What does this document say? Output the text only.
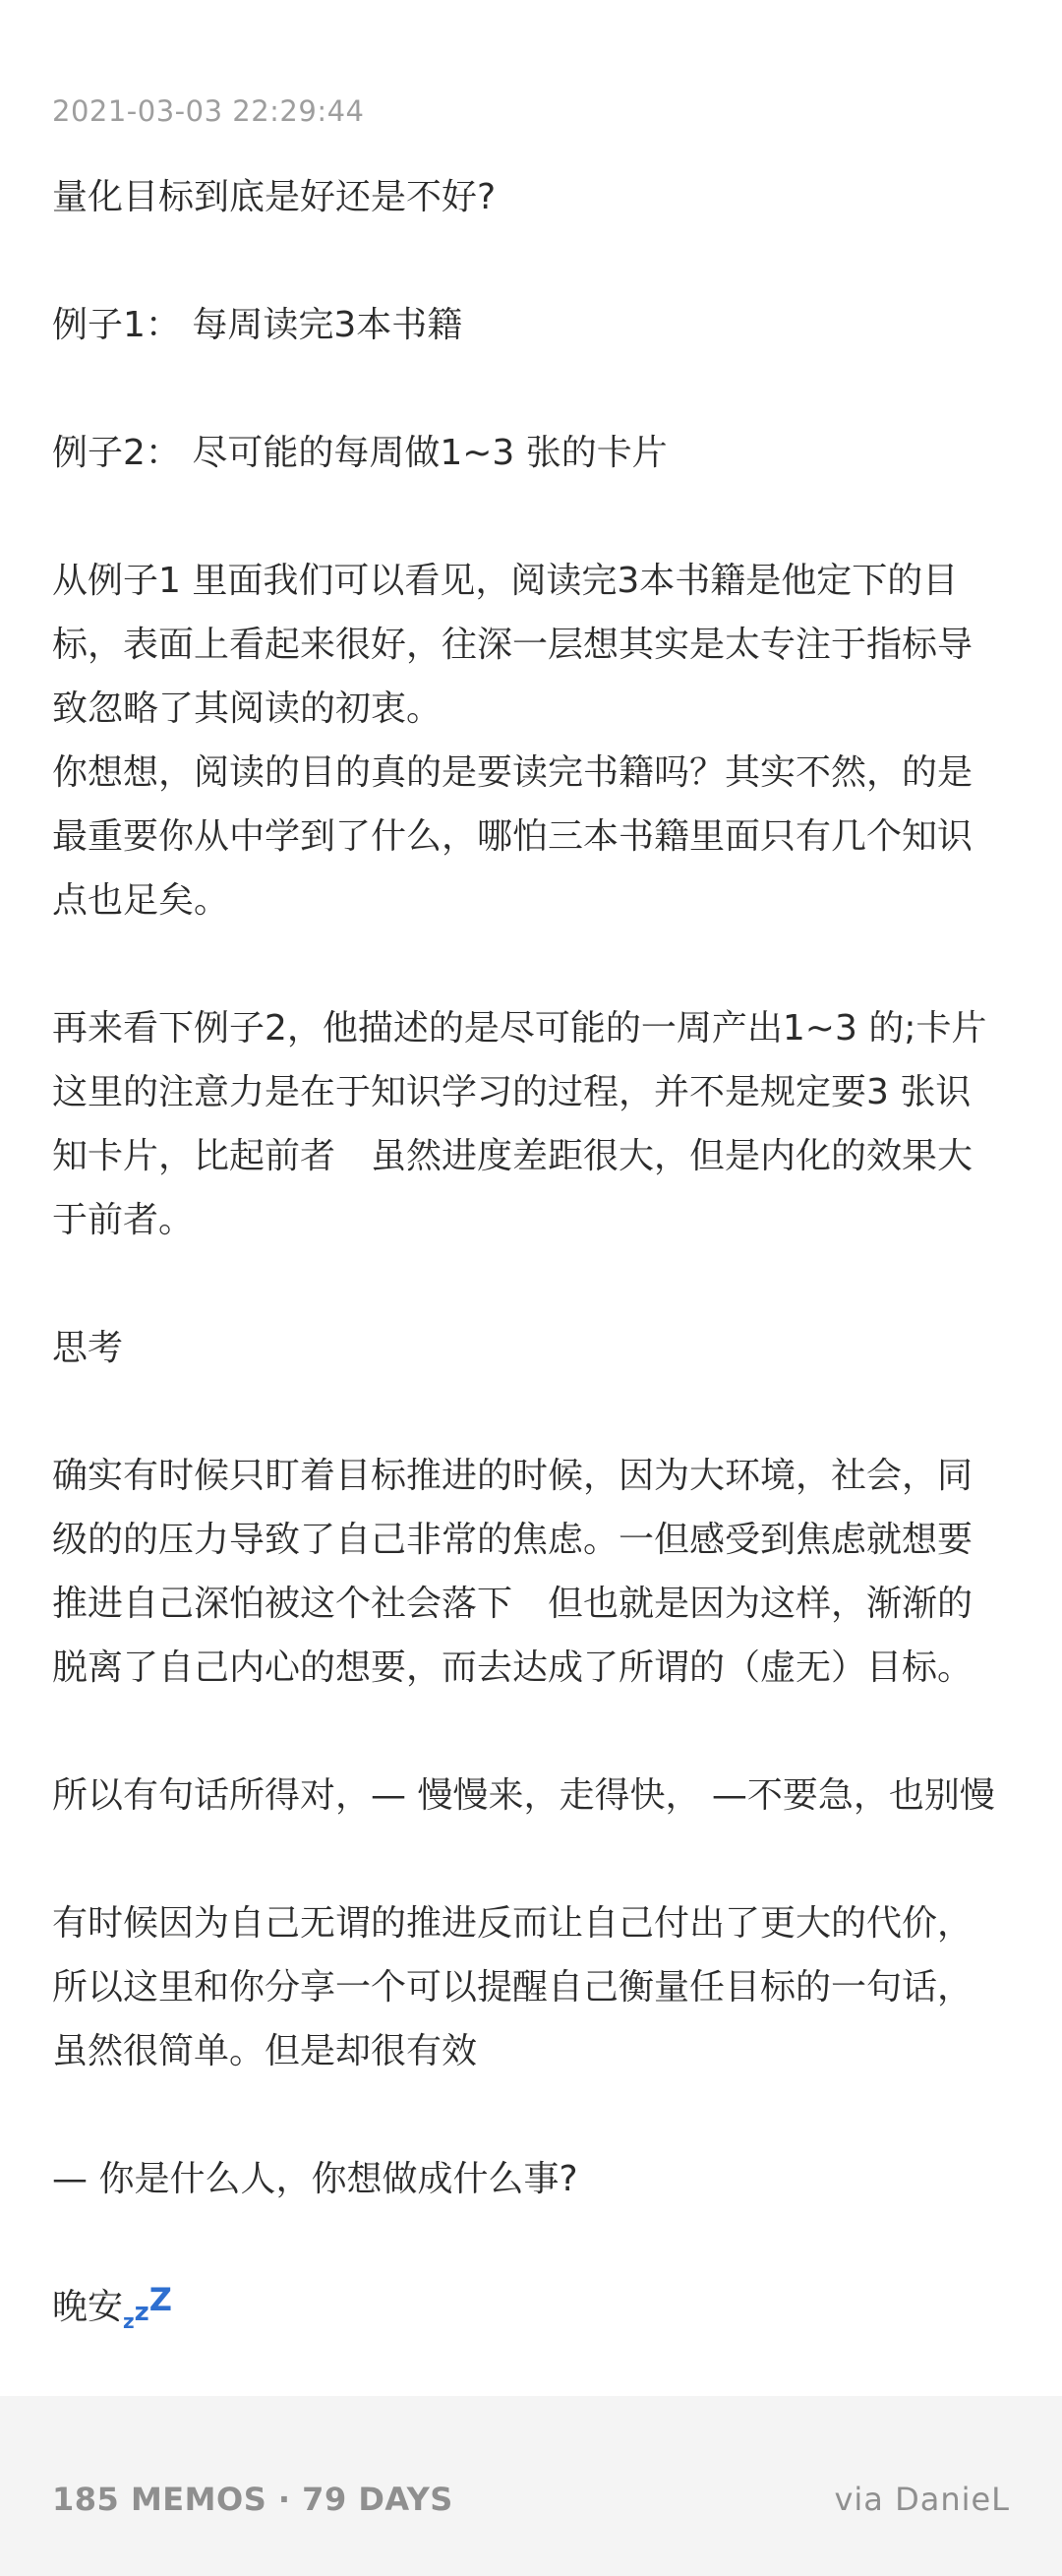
2021-03-03 22:29:44
量化目标到底是好还是不好?
例子1： 每周读完3本书籍
例子2： 尽可能的每周做1~3 张的卡片
从例子1 里面我们可以看见，阅读完3本书籍是他定下的目
标，表面上看起来很好，往深一层想其实是太专注于指标导
致忽略了其阅读的初衷。
你想想，阅读的目的真的是要读完书籍吗？其实不然，的是
最重要你从中学到了什么，哪怕三本书籍里面只有几个知识
点也足矣。
再来看下例子2，他描述的是尽可能的一周产出1~3 的;卡片
这里的注意力是在于知识学习的过程，并不是规定要3 张识
知卡片，比起前者　虽然进度差距很大，但是内化的效果大
于前者。
思考
确实有时候只盯着目标推进的时候，因为大环境，社会，同
级的的压力导致了自己非常的焦虑。一但感受到焦虑就想要
推进自己深怕被这个社会落下　但也就是因为这样，渐渐的
脱离了自己内心的想要，而去达成了所谓的（虚无）目标。
所以有句话所得对，— 慢慢来，走得快， —不要急，也别慢
有时候因为自己无谓的推进反而让自己付出了更大的代价，
所以这里和你分享一个可以提醒自己衡量任目标的一句话，
虽然很简单。但是却很有效
— 你是什么人，你想做成什么事?
晚安$_z$zZ
185 MEMOS · 79 DAYS	via DanieL
